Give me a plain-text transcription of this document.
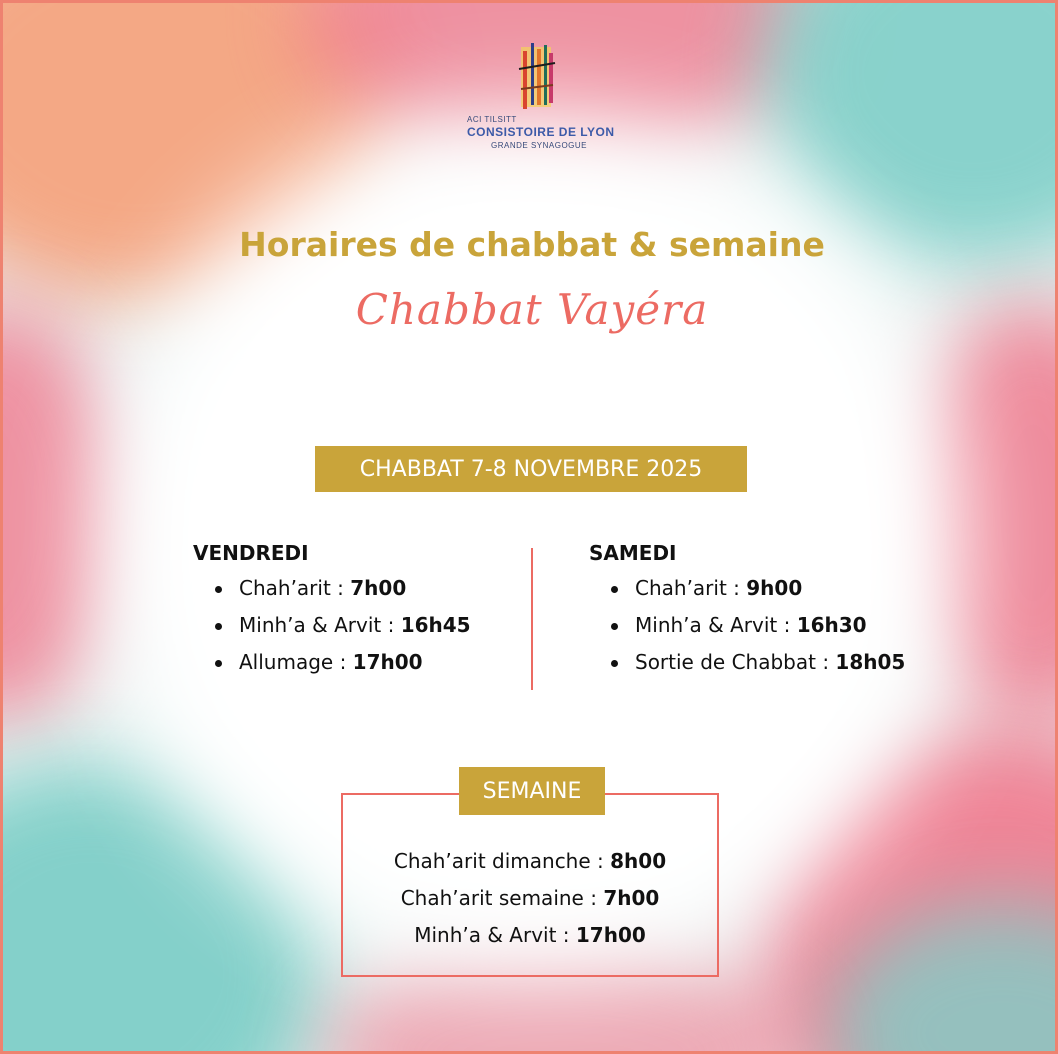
ACI TILSITT
CONSISTOIRE DE LYON
GRANDE SYNAGOGUE
Horaires de chabbat & semaine
Chabbat Vayéra
CHABBAT 7-8 NOVEMBRE 2025
VENDREDI
Chah’arit : 7h00
Minh’a & Arvit : 16h45
Allumage : 17h00
SAMEDI
Chah’arit : 9h00
Minh’a & Arvit : 16h30
Sortie de Chabbat : 18h05
SEMAINE
Chah’arit dimanche : 8h00
Chah’arit semaine : 7h00
Minh’a & Arvit : 17h00
